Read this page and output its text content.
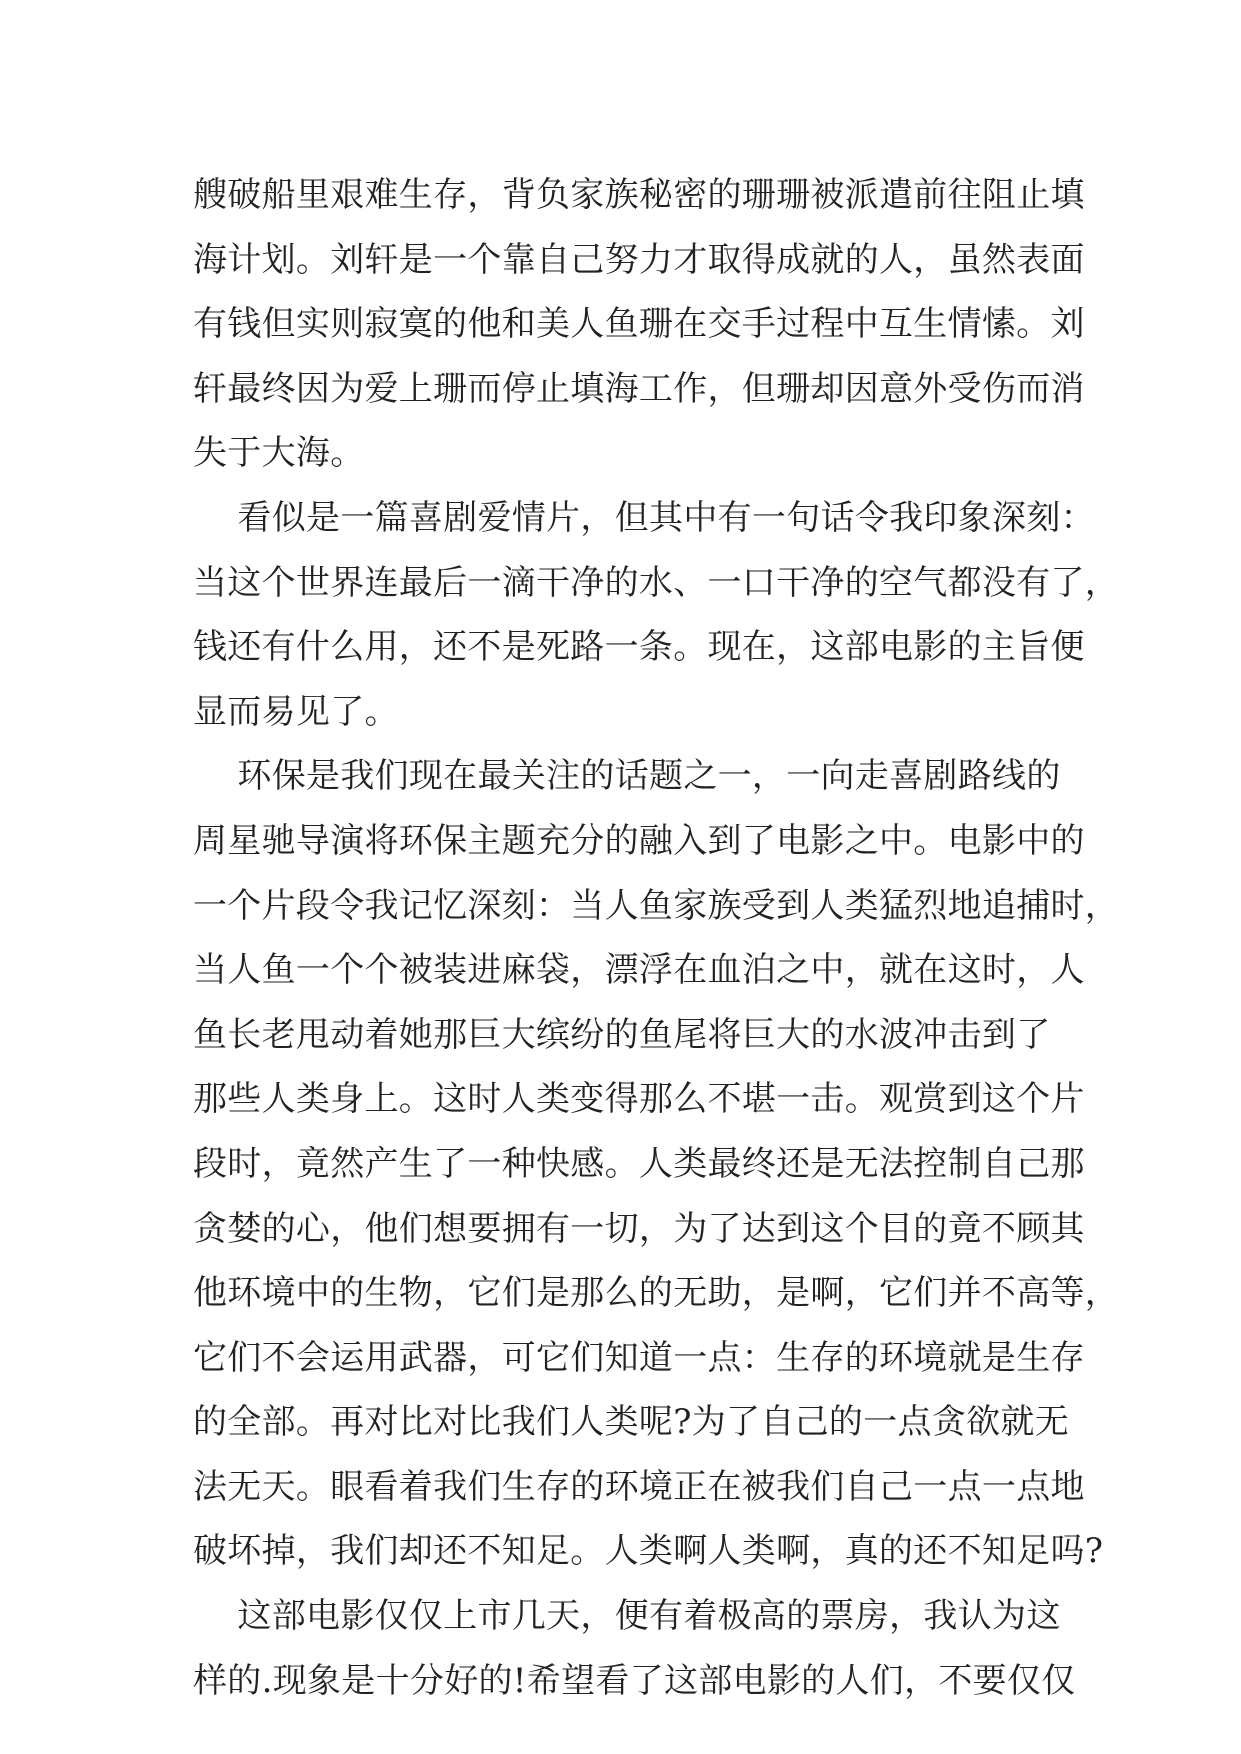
艘破船里艰难生存，背负家族秘密的珊珊被派遣前往阻止填
海计划。刘轩是一个靠自己努力才取得成就的人，虽然表面
有钱但实则寂寞的他和美人鱼珊在交手过程中互生情愫。刘
轩最终因为爱上珊而停止填海工作，但珊却因意外受伤而消
失于大海。
看似是一篇喜剧爱情片，但其中有一句话令我印象深刻：
当这个世界连最后一滴干净的水、一口干净的空气都没有了，
钱还有什么用，还不是死路一条。现在，这部电影的主旨便
显而易见了。
环保是我们现在最关注的话题之一，一向走喜剧路线的
周星驰导演将环保主题充分的融入到了电影之中。电影中的
一个片段令我记忆深刻：当人鱼家族受到人类猛烈地追捕时，
当人鱼一个个被装进麻袋，漂浮在血泊之中，就在这时，人
鱼长老甩动着她那巨大缤纷的鱼尾将巨大的水波冲击到了
那些人类身上。这时人类变得那么不堪一击。观赏到这个片
段时，竟然产生了一种快感。人类最终还是无法控制自己那
贪婪的心，他们想要拥有一切，为了达到这个目的竟不顾其
他环境中的生物，它们是那么的无助，是啊，它们并不高等，
它们不会运用武器，可它们知道一点：生存的环境就是生存
的全部。再对比对比我们人类呢?为了自己的一点贪欲就无
法无天。眼看着我们生存的环境正在被我们自己一点一点地
破坏掉，我们却还不知足。人类啊人类啊，真的还不知足吗?
这部电影仅仅上市几天，便有着极高的票房，我认为这
样的.现象是十分好的!希望看了这部电影的人们，不要仅仅
